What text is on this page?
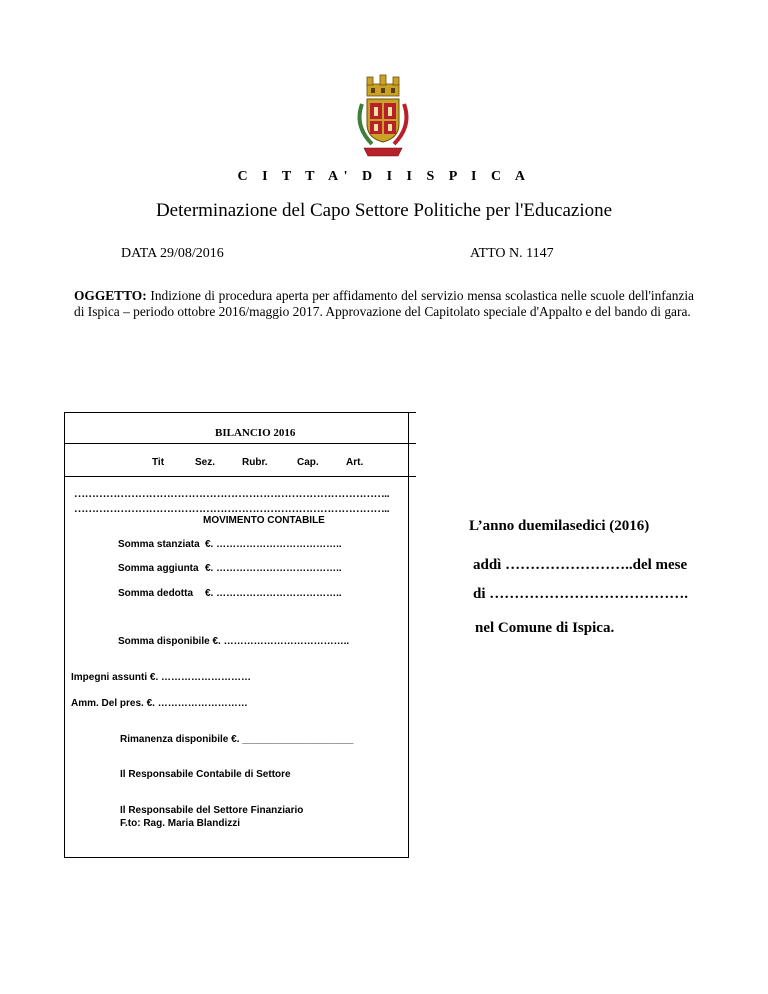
C I T T A' D I I S P I C A
Determinazione del Capo Settore Politiche per l'Educazione
DATA 29/08/2016	ATTO N. 1147
OGGETTO: Indizione di procedura aperta per affidamento del servizio mensa scolastica nelle scuole dell'infanzia di Ispica – periodo ottobre 2016/maggio 2017. Approvazione del Capitolato speciale d'Appalto e del bando di gara.
BILANCIO 2016
Tit	Sez.	Rubr.	Cap.	Art.
……………………………………………………………………………..
……………………………………………………………………………..
MOVIMENTO CONTABILE
Somma stanziata €. ………………………………..
Somma aggiunta €. ………………………………..
Somma dedotta €. ………………………………..
Somma disponibile €. ………………………………..
Impegni assunti €. ………………………
Amm. Del pres. €. ………………………
Rimanenza disponibile €. ____________________
Il Responsabile Contabile di Settore
Il Responsabile del Settore Finanziario
F.to: Rag. Maria Blandizzi
L’anno duemilasedici (2016)
addì ……………………..del mese
di ………………………………….
nel Comune di Ispica.
